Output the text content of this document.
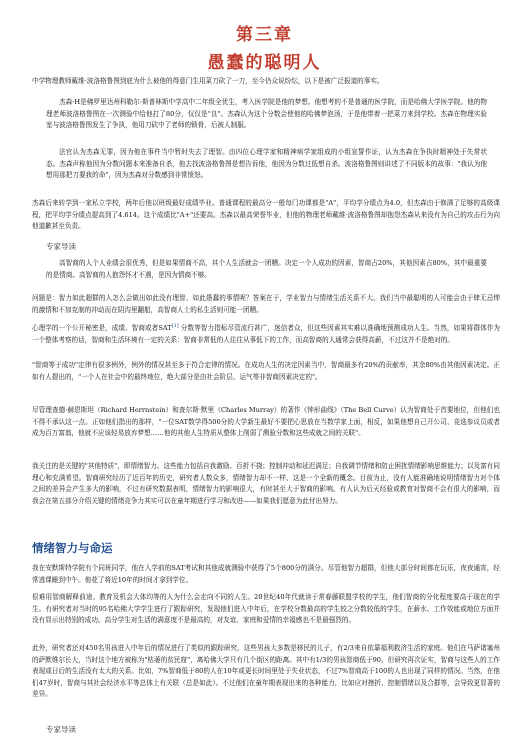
第三章
愚蠢的聪明人

中学物理教师戴维·波洛格鲁图到底为什么被他的得意门生用菜刀砍了一刀，至今仍众说纷纭，以下是被广泛报道的事实。

杰森·H是佛罗里达州科勒尔·斯普林斯中学高中二年级全优生，考入医学院是他的梦想。他想考的不是普通的医学院，而是哈佛大学医学院。他的物理老师波洛格鲁图在一次测验中给他打了80分，仅仅是"良"。杰森认为这个分数会使他的哈佛梦泡汤，于是他带着一把菜刀来到学校。杰森在物理实验室与波洛格鲁图发生了争执，他用刀砍中了老师的锁骨，后被人制服。

法官认为杰森无罪，因为他在事件当中暂时失去了理智。由四位心理学家和精神病学家组成的小组宣誓作证，认为杰森在争执时精神处于失常状态。杰森声称他因为分数问题本来准备自杀，他去找波洛格鲁图是想告诉他，他因为分数过低想自杀。波洛格鲁图则讲述了不同版本的故事："我认为他想用那把刀要我的命"，因为杰森对分数感到非常愤怒。

杰森后来转学到一家私立学校，两年后他以班级最好成绩毕业。普通课程的最高分一般每门功课都是"A"，平均学分绩点为4.0，但杰森由于修满了足够的高级课程，把平均学分绩点提高到了4.614。这个成绩比"A+"还要高。杰森以最高荣誉毕业，但他的物理老师戴维·波洛格鲁图却抱怨杰森从来没有为自己的攻击行为向他道歉甚至负责。

专家导读

高智商的人个人业绩会很优秀，但是如果情商不高，其个人生活就会一团糟。决定一个人成功的因素，智商占20%，其他因素占80%，其中最重要的是情商。高智商的人抱怨怀才不遇，是因为情商不够。

问题是：智力如此超群的人怎么会做出如此没有理智、如此愚蠢的事情呢？答案在于，学业智力与情绪生活关系不大。我们当中最聪明的人可能会由于肆无忌惮的激情和不加克制的冲动而在阴沟里翻船，高智商人士的私生活则可能一团糟。

心理学的一个公开秘密是，成绩、智商或者SAT[1] 分数等智力指标尽管流行甚广，迷信者众，但这些因素其实难以准确地预测成功人生。当然，如果将群体作为一个整体考察的话，智商和生活环境有一定的关系：智商非常低的人往往从事低下的工作，而高智商的人通常会获得高薪，不过这并不是绝对的。

"智商等于成功"定律有很多例外，例外的情况甚至多于符合定律的情况。在成功人生的决定因素当中，智商最多有20%的贡献率，其余80%由其他因素决定。正如有人提出的，"一个人在社会中的最终地位，绝大部分是由社会阶层、运气等非智商因素决定的"。

尽管理查德·赫恩斯坦（Richard Herrnstein）和查尔斯·默里（Charles Murray）的著作《钟形曲线》（The Bell Curve）认为智商处于首要地位，但他们也不得不承认这一点。正如他们指出的那样，"一位SAT数学得500分的大学新生最好不要把心思放在当数学家上面，相反，如果他想自己开公司、竞选参议员或者成为百万富翁，他就不应该轻易放弃梦想……他的其他人生特质从整体上削弱了测验分数和这些成就之间的关联"。

我关注的是关键的"其他特质"，即情绪智力。这些能力包括自我激励、百折不挠；控制冲动和延迟满足；自我调节情绪和防止困扰情绪影响思维能力；以及富有同理心和充满希望。智商研究经历了近百年的历史，研究者人数众多，情绪智力却不一样，这是一个全新的概念。目前为止，没有人能准确地说明情绪智力对个体之间的差异会产生多大的影响，不过有研究数据表明，情绪智力的影响很大，有时甚至大于智商的影响。有人认为后天经验或教育对智商不会有很大的影响，而我会在第五部分介绍关键的情绪竞争力其实可以在童年期进行学习和改进——如果我们愿意为此付出努力。

情绪智力与命运

我在安默斯特学院有个同班同学，他在入学前的SAT考试和其他成就测验中获得了5个800分的满分。尽管他智力超群，但他大部分时间都在玩乐，夜夜通宵，经常逃课睡到中午。他花了将近10年的时间才拿到学位。

很难用智商解释前途、教育及机会大体均等的人为什么会走向不同的人生。20世纪40年代就读于常春藤联盟学校的学生，他们智商的分化程度要高于现在的学生。有研究者对当时的95名哈佛大学学生进行了跟踪研究，发现他们进入中年后，在学校分数最高的学生较之分数较低的学生，在薪水、工作效能或地位方面并没有显示出特别的成功。高分学生对生活的满意度不是最高的，对友谊、家庭和爱情的幸福感也不是最强烈的。

此外，研究者还对450名男孩进入中年后的情况进行了类似的跟踪研究，这些男孩大多数是移民的儿子，有2/3来自依靠福利救济生活的家庭。他们在马萨诸塞州的萨默维尔长大，当时这个地方被称为"枯萎的贫民窟"，离哈佛大学只有几个街区的距离。其中有1/3的男孩智商低于90。但研究再次证实，智商与这些人的工作表现或日后的生活没有太大的关系。比如，7%智商低于80的人在10年或更长时间里处于失业状态，不过7%智商高于100的人也出现了同样的情况。当然，在他们47岁时，智商与其社会经济水平等总体上有关联（总是如此）。不过他们在童年期表现出来的各种能力，比如应对挫折、控制情绪以及合群等，会导致更显著的差异。

专家导读
